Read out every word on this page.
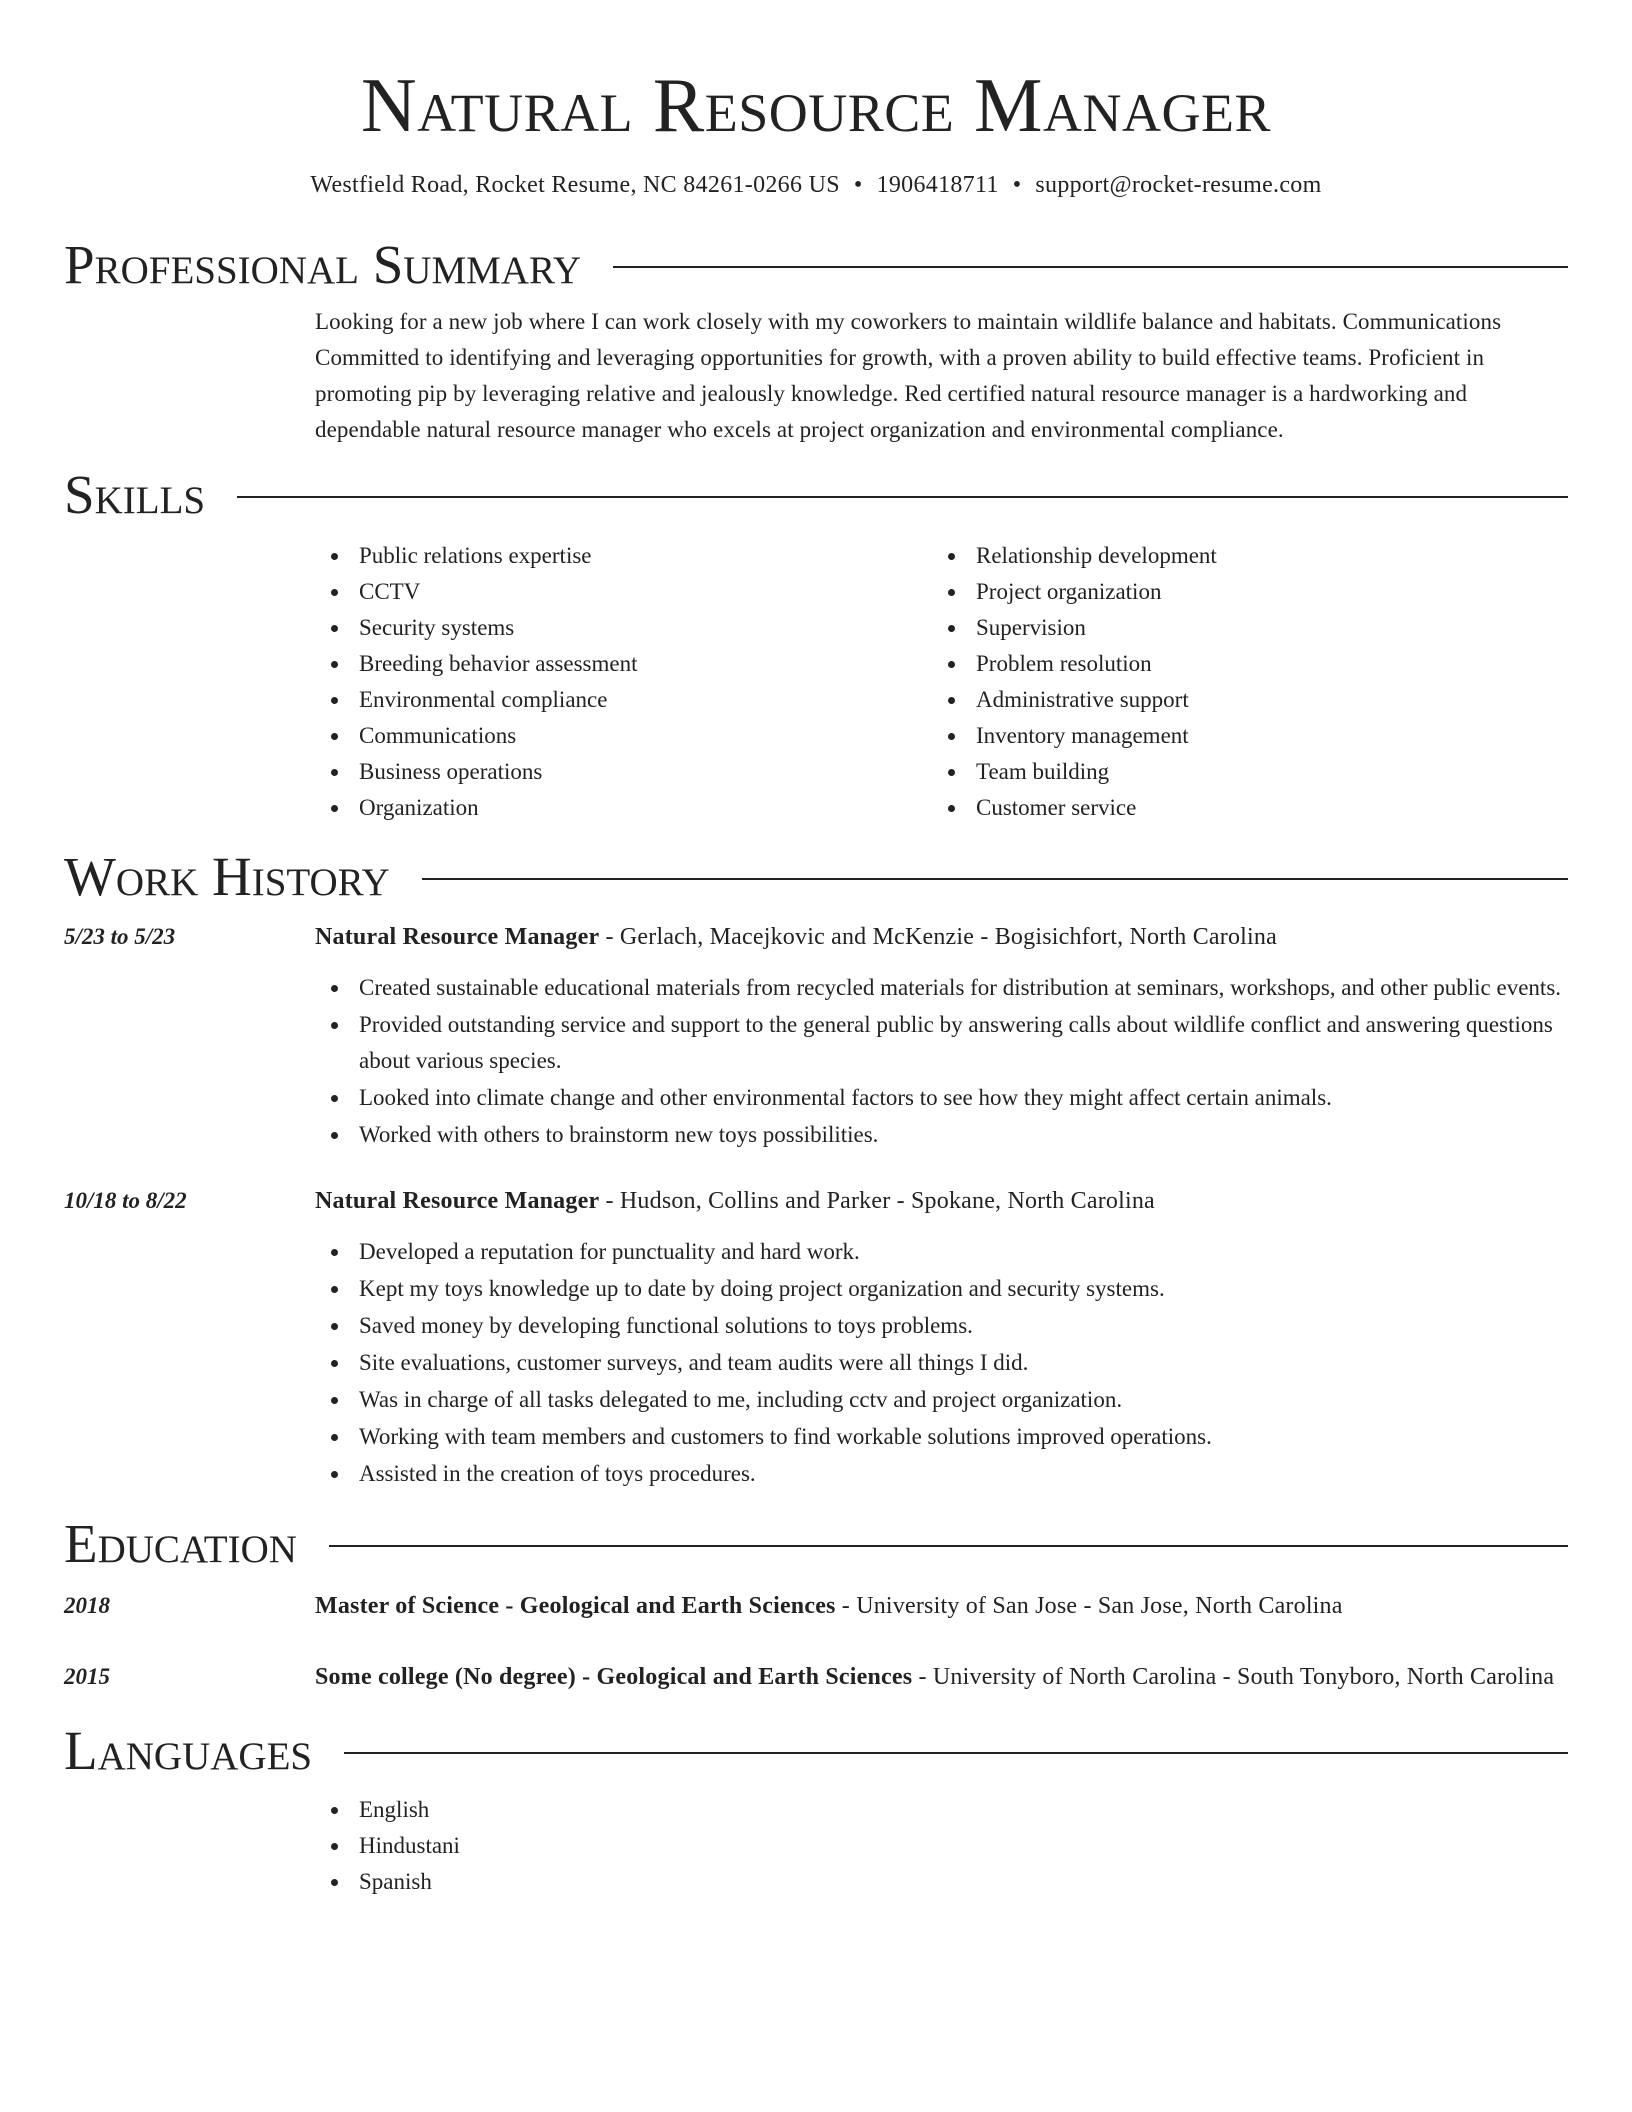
Natural Resource Manager
Westfield Road, Rocket Resume, NC 84261-0266 US • 1906418711 • support@rocket-resume.com
Professional Summary

Looking for a new job where I can work closely with my coworkers to maintain wildlife balance and habitats. Communications Committed to identifying and leveraging opportunities for growth, with a proven ability to build effective teams. Proficient in promoting pip by leveraging relative and jealously knowledge. Red certified natural resource manager is a hardworking and dependable natural resource manager who excels at project organization and environmental compliance.

Skills
Public relations expertise
CCTV
Security systems
Breeding behavior assessment
Environmental compliance
Communications
Business operations
Organization
Relationship development
Project organization
Supervision
Problem resolution
Administrative support
Inventory management
Team building
Customer service
Work History
5/23 to 5/23	Natural Resource Manager - Gerlach, Macejkovic and McKenzie - Bogisichfort, North Carolina
Created sustainable educational materials from recycled materials for distribution at seminars, workshops, and other public events.
Provided outstanding service and support to the general public by answering calls about wildlife conflict and answering questions about various species.
Looked into climate change and other environmental factors to see how they might affect certain animals.
Worked with others to brainstorm new toys possibilities.
10/18 to 8/22	Natural Resource Manager - Hudson, Collins and Parker - Spokane, North Carolina
Developed a reputation for punctuality and hard work.
Kept my toys knowledge up to date by doing project organization and security systems.
Saved money by developing functional solutions to toys problems.
Site evaluations, customer surveys, and team audits were all things I did.
Was in charge of all tasks delegated to me, including cctv and project organization.
Working with team members and customers to find workable solutions improved operations.
Assisted in the creation of toys procedures.
Education
2018	Master of Science - Geological and Earth Sciences - University of San Jose - San Jose, North Carolina
2015	Some college (No degree) - Geological and Earth Sciences - University of North Carolina - South Tonyboro, North Carolina
Languages
English
Hindustani
Spanish
